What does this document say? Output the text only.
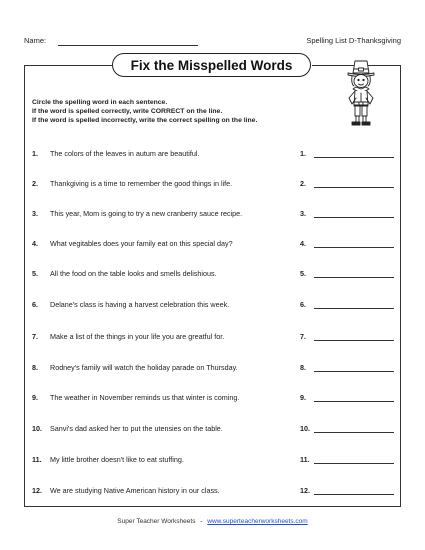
Name:	Spelling List D-Thanksgiving
Fix the Misspelled Words
Circle the spelling word in each sentence.
If the word is spelled correctly, write CORRECT on the line.
If the word is spelled incorrectly, write the correct spelling on the line.
1. The colors of the leaves in autum are beautiful.	1.
2. Thankgiving is a time to remember the good things in life.	2.
3. This year, Mom is going to try a new cranberry sauce recipe.	3.
4. What vegitables does your family eat on this special day?	4.
5. All the food on the table looks and smells delishious.	5.
6. Delane's class is having a harvest celebration this week.	6.
7. Make a list of the things in your life you are greatful for.	7.
8. Rodney's family will watch the holiday parade on Thursday.	8.
9. The weather in November reminds us that winter is coming.	9.
10. Sanvi's dad asked her to put the utensies on the table.	10.
11. My little brother doesn't like to eat stuffing.	11.
12. We are studying Native American history in our class.	12.
Super Teacher Worksheets - www.superteacherworksheets.com
